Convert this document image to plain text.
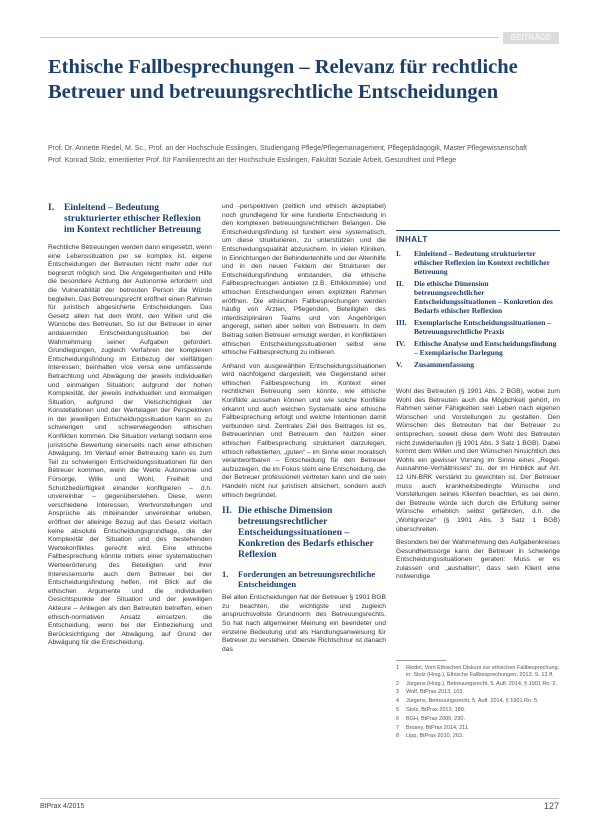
BEITRÄGE
Ethische Fallbesprechungen – Relevanz für rechtliche Betreuer und betreuungsrechtliche Entscheidungen

Prof. Dr. Annette Riedel, M. Sc., Prof. an der Hochschule Esslingen, Studiengang Pflege/Pflegemanagement, Pflegepädagogik, Master Pflegewissenschaft

Prof. Konrad Stolz, emeritierter Prof. für Familienrecht an der Hochschule Esslingen, Fakultät Soziale Arbeit, Gesundheit und Pflege

I.	Einleitend – Bedeutung strukturierter ethischer Reflexion im Kontext rechtlicher Betreuung

Rechtliche Betreuungen werden dann eingesetzt, wenn eine Lebenssituation per se komplex ist, eigene Entscheidungen der Betreuten nicht mehr oder nur begrenzt möglich sind. Die Angelegenheiten und Hilfe die besondere Achtung der Autonomie erfordern und die Vulnerabilität der betreuten Person die Würde begleiten. Das Betreuungsrecht eröffnet einen Rahmen für juristisch abgesicherte Entscheidungen. Das Gesetz allein hat dem Wohl, den Willen und die Wünsche des Betreuten. So ist der Betreuer in einer andauernden Entscheidungssituation bei der Wahrnehmung seiner Aufgaben gefordert. Grundlegungen, zugleich Verfahren der komplexen Entscheidungsfindung im Einbezug der vielfältigen Interessen; beinhalten vice versa eine umfassende Betrachtung und Abwägung der jeweils individuellen und einmaligen Situation; aufgrund der hohen Komplexität, der jeweils individuellen und einmaligen Situation, aufgrund der Vielschichtigkeit der Konstellationen und der Wertelagen der Perspektiven in der jeweiligen Entscheidungssituation kann es zu schwierigen und schwerwiegenden ethischen Konflikten kommen. Die Situation verlangt sodann eine juristische Bewertung einerseits nach einer ethischen Abwägung. Im Verlauf einer Betreuung kann es zum Teil zu schwierigen Entscheidungssituationen für den Betreuer kommen, wenn die Werte Autonomie und Fürsorge, Wille und Wohl, Freiheit und Schutzbedürftigkeit einander konfligieren – d.h. unvereinbar – gegenüberstehen. Diese, wenn verschiedene Interessen, Wertvorstellungen und Ansprüche als miteinander unvereinbar erleben, eröffnet der alleinige Bezug auf das Gesetz vielfach keine absolute Entscheidungsgrundlage, die der Komplexität der Situation und des bestehenden Wertekonfliktes gerecht wird. Eine ethische Fallbesprechung könnte mittels einer systematischen Werteerörterung des Beteiligten und ihrer Interessensorte auch dem Betreuer bei der Entscheidungsfindung helfen, mit Blick auf die ethischen Argumente und die individuellen Gesichtspunkte der Situation und der jeweiligen Akteure – Anliegen als den Betreuten betreffen, einen ethisch-normativen Ansatz einsetzen, die Entscheidung, wenn bei der Einbeziehung und Berücksichtigung der Abwägung, auf Grund der Abwägung für die Entscheidung.

und -perspektiven (zeitlich und ethisch akzeptabel) noch grundlegend für eine fundierte Entscheidung in den komplexen betreuungsrechtlichen Belangen. Die Entscheidungsfindung ist fundiert eine systematisch, um diese strukturieren, zu unterstützen und die Entscheidungsqualität abzusichern. In vielen Kliniken, in Einrichtungen der Behindertenhilfe und der Altenhilfe und in den neuen Feldern der Strukturen der Entscheidungsfindung entstanden, die ethische Fallbesprechungen anbieten (z.B. Ethikkomitee) und ethischen Entscheidungen einen expliziten Rahmen eröffnen. Die ethischen Fallbesprechungen werden häufig von Ärzten, Pflegenden, Beteiligten des interdisziplinären Teams und von Angehörigen angeregt, selten aber selten von Betreuern. In dem Beitrag sollen Betreuer ermutigt werden, in konfliktären ethischen Entscheidungssituationen selbst eine ethische Fallbesprechung zu initiieren.

Anhand von ausgewählten Entscheidungssituationen wird nachfolgend dargestellt, wie Gegenstand einer ethischen Fallbesprechung im Kontext einer rechtlichen Betreuung sein könnte, wie ethische Konflikte aussehen können und wie solche Konflikte erkannt und auch welchen Systematik eine ethische Fallbesprechung erfolgt und welche Intentionen damit verbunden sind. Zentrales Ziel des Beitrages ist es, Betreuerinnen und Betreuern den Nutzen einer ethischen Fallbesprechung strukturiert darzulegen, ethisch reflektierten, „guten“ – im Sinne einer moralisch verantwortbaren – Entscheidung für den Betreuer aufzuzeigen, die im Fokus steht eine Entscheidung, die der Betreuer professionell vertreten kann und die sein Handeln nicht nur juristisch absichert, sondern auch ethisch begründet.

II. Die ethische Dimension betreuungsrechtlicher Entscheidungssituationen – Konkretion des Bedarfs ethischer Reflexion
1.	Forderungen an betreuungsrechtliche Entscheidungen

Bei allen Entscheidungen hat der Betreuer § 1901 BGB zu beachten, die wichtigste und zugleich anspruchsvollste Grundnorm des Betreuungsrechts. So hat nach allgemeiner Meinung ein beendeter und einzelne Bedeutung und als Handlungsanweisung für Betreuer zu verstehen. Oberste Richtschnur ist danach das

INHALT
I.	Einleitend – Bedeutung strukturierter ethischer Reflexion im Kontext rechtlicher Betreuung
II.	Die ethische Dimension betreuungsrechtlicher Entscheidungssituationen – Konkretion des Bedarfs ethischer Reflexion
III. Exemplarische Entscheidungssituationen – Betreuungsrechtliche Praxis
IV.	Ethische Analyse und Entscheidungsfindung – Exemplarische Darlegung
V.	Zusammenfassung

Wohl des Betreuten (§ 1901 Abs. 2 BGB), wobei zum Wohl des Betreuten auch die Möglichkeit gehört, im Rahmen seiner Fähigkeiten sein Leben nach eigenen Wünschen und Vorstellungen zu gestalten. Den Wünschen des Betreuten hat der Betreuer zu entsprechen, soweit diese dem Wohl des Betreuten nicht zuwiderlaufen (§ 1901 Abs. 3 Satz 1 BGB). Dabei kommt dem Willen und den Wünschen hinsichtlich des Wohls ein gewisser Vorrang im Sinne eines „Regel-Ausnahme-Verhältnisses“ zu, der im Hinblick auf Art. 12 UN-BRK verstärkt zu gewichten ist. Der Betreuer muss auch krankheitsbedingte Wünsche und Vorstellungen seines Klienten beachten, es sei denn, der Betreute würde sich durch die Erfüllung seiner Wünsche erheblich selbst gefährden, d.h. die „Wohlgrenze“ (§ 1901 Abs. 3 Satz 1 BGB) überschreiten.

Besonders bei der Wahrnehmung des Aufgabenkreises Gesundheitssorge kann der Betreuer in schwierige Entscheidungssituationen geraten: Muss er es zulassen und „aushalten“, dass sein Klient eine notwendige

1	Riedel, Vom Ethischen Diskurs zur ethischen Fallbesprechung, in: Stolz (Hrsg.), Ethische Fallbesprechungen, 2013, S. 13 ff.
2	Jürgens (Hrsg.), Betreuungsrecht, 5. Aufl. 2014, § 1901 Rn. 2.
3	Wolf, BtPrax 2013, 103.
4	Jürgens, Betreuungsrecht, 5. Aufl. 2014, § 1901 Rn. 5.
5	Stolz, BtPrax 2013, 180.
6	BGH, BtPrax 2009, 290.
7	Brosey, BtPrax 2014, 211.
8	Lipp, BtPrax 2010, 263.
BtPrax 4/2015	127
